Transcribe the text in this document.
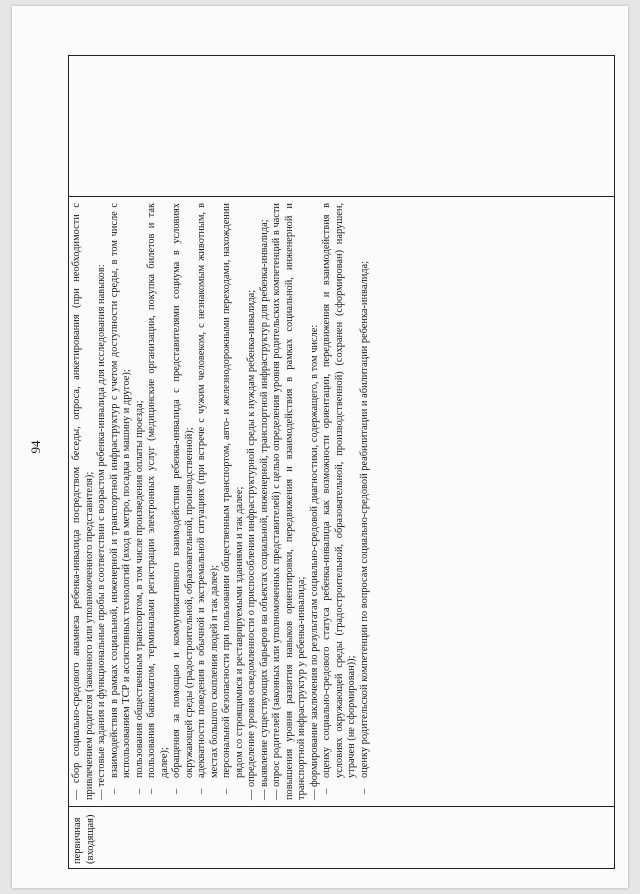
94
первичная (входящая)
— сбор социально-средового анамнеза ребенка-инвалида посредством беседы, опроса, анкетирования (при необходимости с привлечением родителя (законного или уполномоченного представителя); — тестовые задания и функциональные пробы в соответствии с возрастом ребенка-инвалида для исследования навыков: –
взаимодействия в рамках социальной, инженерной и транспортной инфраструктур с учетом доступности среды, в том числе с использованием ТСР и ассистивных технологий (вход в метро, посадка в машину и другое);
–
пользования общественным транспортом, в том числе произведения оплаты проезда;
–
пользования банкоматом, терминалами регистрации электронных услуг (медицинские организации, покупка билетов и так далее);
–
обращения за помощью и коммуникативного взаимодействия ребенка-инвалида с представителями социума в условиях окружающей среды (градостроительной, образовательной, производственной);
–
адекватности поведения в обычной и экстремальной ситуациях (при встрече с чужим человеком, с незнакомым животным, в местах большого скопления людей и так далее);
–
персональной безопасности при пользовании общественным транспортом, авто- и железнодорожными переходами, нахождении рядом со строящимися и реставрируемыми зданиями и так далее; — определение уровня осведомленности о приспособлении инфраструктурной среды к нуждам ребенка-инвалида; — выявление существующих барьеров на объектах социальной, инженерной, транспортной инфраструктур для ребенка-инвалида; — опрос родителей (законных или уполномоченных представителей) с целью определения уровня родительских компетенций в части повышения уровня развития навыков ориентировки, передвижения и взаимодействия в рамках социальной, инженерной и транспортной инфраструктур у ребенка-инвалида; — формирование заключения по результатам социально-средовой диагностики, содержащего, в том числе: –
оценку социально-средового статуса ребенка-инвалида как возможности ориентации, передвижения и взаимодействия в условиях окружающей среды (градостроительной, образовательной, производственной) (сохранен (сформирован) нарушен, утрачен (не сформирован));
–
оценку родительской компетенции по вопросам социально-средовой реабилитации и абилитации ребенка-инвалида;
